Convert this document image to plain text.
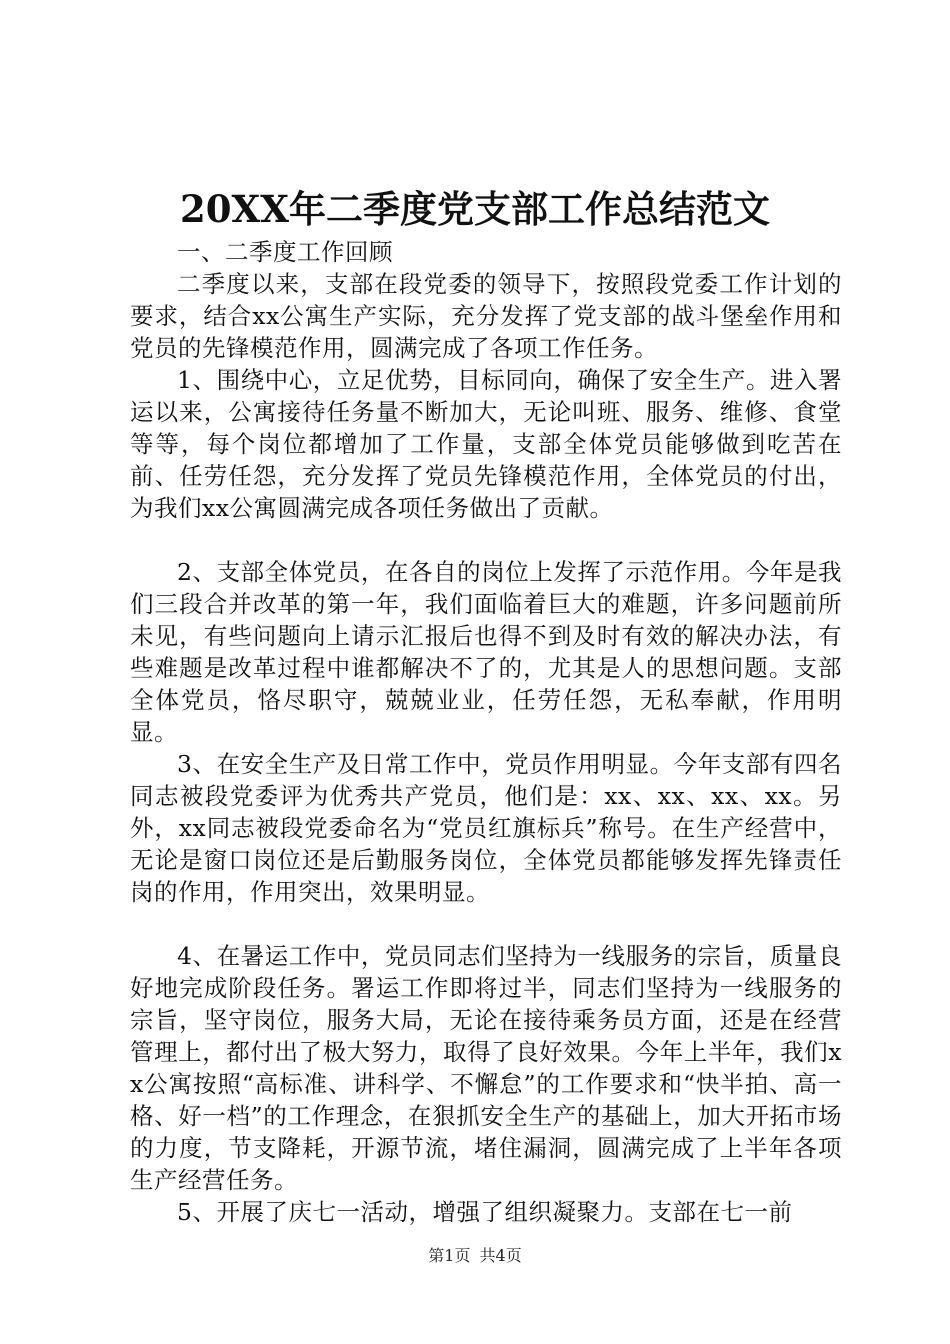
20XX年二季度党支部工作总结范文

一、二季度工作回顾

二季度以来，支部在段党委的领导下，按照段党委工作计划的要求，结合xx公寓生产实际，充分发挥了党支部的战斗堡垒作用和党员的先锋模范作用，圆满完成了各项工作任务。

1、围绕中心，立足优势，目标同向，确保了安全生产。进入署运以来，公寓接待任务量不断加大，无论叫班、服务、维修、食堂等等，每个岗位都增加了工作量，支部全体党员能够做到吃苦在前、任劳任怨，充分发挥了党员先锋模范作用，全体党员的付出，为我们xx公寓圆满完成各项任务做出了贡献。

2、支部全体党员，在各自的岗位上发挥了示范作用。今年是我们三段合并改革的第一年，我们面临着巨大的难题，许多问题前所未见，有些问题向上请示汇报后也得不到及时有效的解决办法，有些难题是改革过程中谁都解决不了的，尤其是人的思想问题。支部全体党员，恪尽职守，兢兢业业，任劳任怨，无私奉献，作用明显。

3、在安全生产及日常工作中，党员作用明显。今年支部有四名同志被段党委评为优秀共产党员，他们是：xx、xx、xx、xx。另外，xx同志被段党委命名为“党员红旗标兵”称号。在生产经营中，无论是窗口岗位还是后勤服务岗位，全体党员都能够发挥先锋责任岗的作用，作用突出，效果明显。

4、在暑运工作中，党员同志们坚持为一线服务的宗旨，质量良好地完成阶段任务。署运工作即将过半，同志们坚持为一线服务的宗旨，坚守岗位，服务大局，无论在接待乘务员方面，还是在经营管理上，都付出了极大努力，取得了良好效果。今年上半年，我们xx公寓按照“高标准、讲科学、不懈怠”的工作要求和“快半拍、高一格、好一档”的工作理念，在狠抓安全生产的基础上，加大开拓市场的力度，节支降耗，开源节流，堵住漏洞，圆满完成了上半年各项生产经营任务。

5、开展了庆七一活动，增强了组织凝聚力。支部在七一前

第1页 共4页
